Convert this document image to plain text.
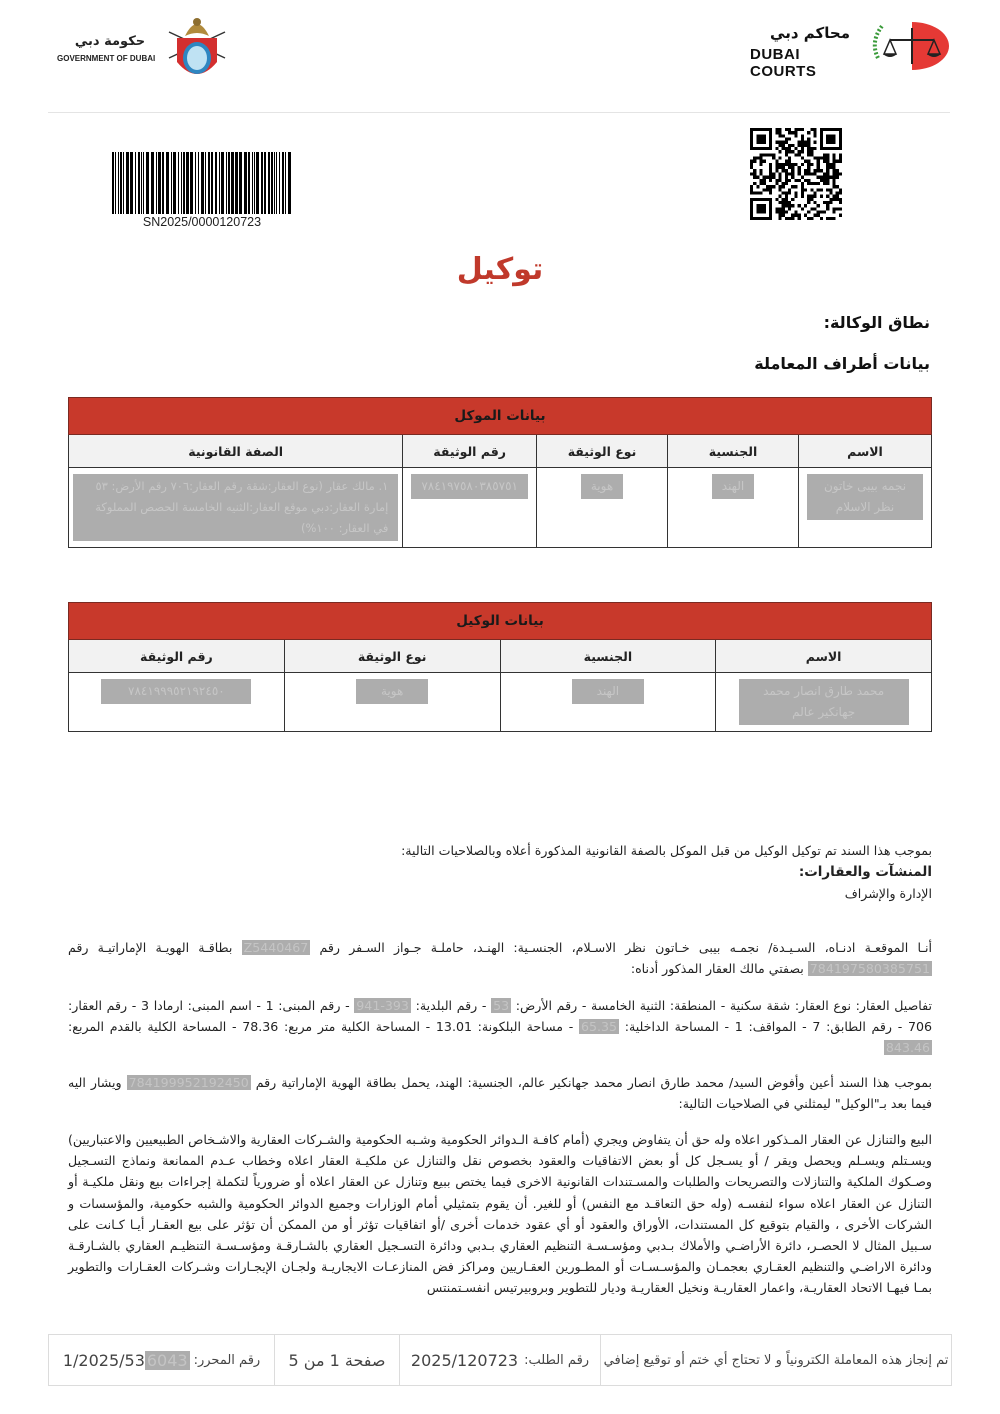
محاكم دبي
DUBAI COURTS
حكومة دبي
GOVERNMENT OF DUBAI
SN2025/0000120723
توكيل
نطاق الوكالة:
بيانات أطراف المعاملة
بيانات الموكل				
الاسم	الجنسية	نوع الوثيقة	رقم الوثيقة	الصفة القانونية
نجمه بيبى خاتون نظر الاسلام	الهند	هوية	٧٨٤١٩٧٥٨٠٣٨٥٧٥١	١. مالك عقار (نوع العقار:شقة رقم العقار:٧٠٦ رقم الأرض: ٥٣ إمارة العقار:دبي موقع العقار:الثنيه الخامسة الحصص المملوكة في العقار: ١٠٠%)
بيانات الوكيل			
الاسم	الجنسية	نوع الوثيقة	رقم الوثيقة
محمد طارق انصار محمد جهانكير عالم	الهند	هوية	٧٨٤١٩٩٩٥٢١٩٢٤٥٠

بموجب هذا السند تم توكيل الوكيل من قبل الموكل بالصفة القانونية المذكورة أعلاه وبالصلاحيات التالية:

المنشآت والعقارات:

الإدارة والإشراف

أنـا الموقعـة ادنـاه، السـيـدة/ نجمـه بيبى خـاتون نظر الاسـلام، الجنسـية: الهنـد، حاملـة جـواز السـفر رقم Z5440467 بطاقـة الهويـة الإماراتيـة رقم 784197580385751 بصفتي مالك العقار المذكور أدناه:

تفاصيل العقار: نوع العقار: شقة سكنية - المنطقة: الثنية الخامسة - رقم الأرض: 53 - رقم البلدية: 393-941 - رقم المبنى: 1 - اسم المبنى: ارمادا 3 - رقم العقار: 706 - رقم الطابق: 7 - المواقف: 1 - المساحة الداخلية: 65.35 - مساحة البلكونة: 13.01 - المساحة الكلية متر مربع: 78.36 - المساحة الكلية بالقدم المربع: 843.46

بموجب هذا السند أعين وأفوض السيد/ محمد طارق انصار محمد جهانكير عالم، الجنسية: الهند، يحمل بطاقة الهوية الإماراتية رقم 784199952192450 ويشار اليه فيما بعد بـ"الوكيل" ليمثلني في الصلاحيات التالية:

البيع والتنازل عن العقار المـذكور اعلاه وله حق أن يتفاوض ويجري (أمام كافـة الـدوائر الحكومية وشـبه الحكومية والشـركات العقارية والاشـخاص الطبيعيين والاعتباريين) ويسـتلم ويسـلم ويحصل ويقر / أو يسـجل كل أو بعض الاتفاقيات والعقود بخصوص نقل والتنازل عن ملكيـة العقار اعلاه وخطاب عـدم الممانعة ونماذج التسـجيل وصـكوك الملكية والتنازلات والتصريحات والطلبات والمسـتندات القانونية الاخرى فيما يختص ببيع وتنازل عن العقار اعلاه أو ضرورياً لتكملة إجراءات بيع ونقل ملكيـة أو التنازل عن العقار اعلاه سواء لنفسـه (وله حق التعاقـد مع النفس) أو للغير. أن يقوم بتمثيلي أمام الوزارات وجميع الدوائر الحكومية والشبه حكومية، والمؤسسات و الشركات الأخرى ، والقيام بتوقيع كل المستندات، الأوراق والعقود أو أي عقود خدمات أخرى /أو اتفاقيات تؤثر أو من الممكن أن تؤثر على بيع العقـار أيـا كـانت على سـبيل المثال لا الحصـر، دائرة الأراضـي والأملاك بـدبي ومؤسـسـة التنظيم العقاري بـدبي ودائرة التسـجيل العقاري بالشـارقـة ومؤسـسـة التنظيـم العقاري بالشـارقـة ودائرة الاراضـي والتنظيم العقـاري بعجمـان والمؤسـسـات أو المطـورين العقـاريين ومراكز فض المنازعـات الايجاريـة ولجـان الإيجـارات وشـركات العقـارات والتطوير بمـا فيهـا الاتحاد العقاريـة، واعمار العقاريـة ونخيل العقاريـة وديار للتطوير وبروبيرتيس انفسـتمنتس

تم إنجاز هذه المعاملة الكترونياً و لا تحتاج أي ختم أو توقيع إضافي
رقم الطلب:
2025/120723
صفحة 1 من 5
رقم المحرر:
1/2025/53 6043
